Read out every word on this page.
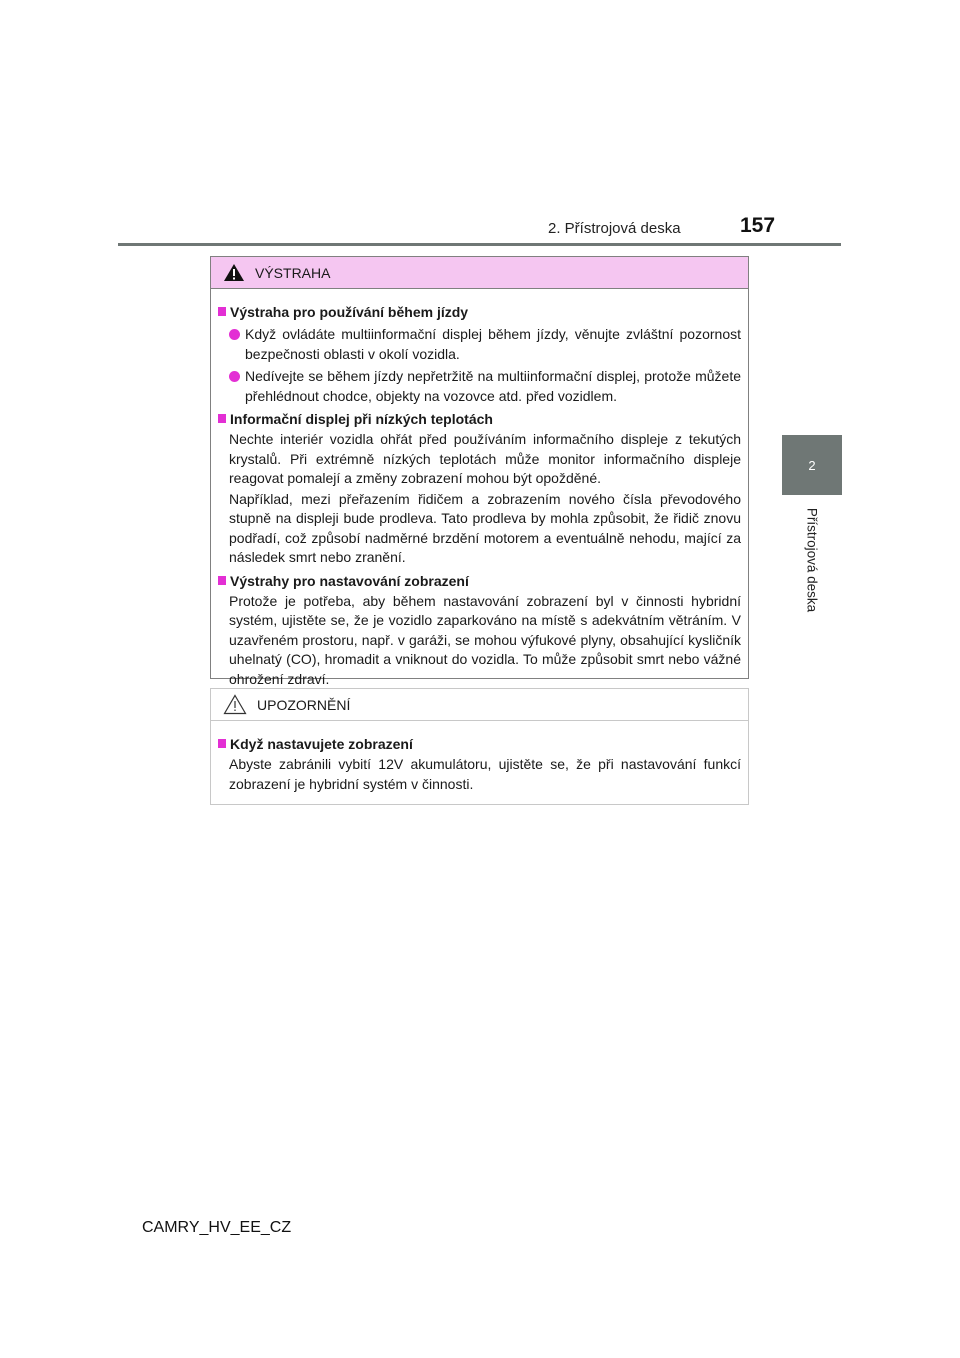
2. Přístrojová deska	157
2
Přístrojová deska
VÝSTRAHA
Výstraha pro používání během jízdy
Když ovládáte multiinformační displej během jízdy, věnujte zvláštní pozornost bezpečnosti oblasti v okolí vozidla.
Nedívejte se během jízdy nepřetržitě na multiinformační displej, protože můžete přehlédnout chodce, objekty na vozovce atd. před vozidlem.
Informační displej při nízkých teplotách
Nechte interiér vozidla ohřát před používáním informačního displeje z tekutých krystalů. Při extrémně nízkých teplotách může monitor informačního displeje reagovat pomalejí a změny zobrazení mohou být opožděné.
Například, mezi přeřazením řidičem a zobrazením nového čísla převodového stupně na displeji bude prodleva. Tato prodleva by mohla způsobit, že řidič znovu podřadí, což způsobí nadměrné brzdění motorem a eventuálně nehodu, mající za následek smrt nebo zranění.
Výstrahy pro nastavování zobrazení
Protože je potřeba, aby během nastavování zobrazení byl v činnosti hybridní systém, ujistěte se, že je vozidlo zaparkováno na místě s adekvátním větráním. V uzavřeném prostoru, např. v garáži, se mohou výfukové plyny, obsahující kysličník uhelnatý (CO), hromadit a vniknout do vozidla. To může způsobit smrt nebo vážné ohrožení zdraví.
UPOZORNĚNÍ
Když nastavujete zobrazení
Abyste zabránili vybití 12V akumulátoru, ujistěte se, že při nastavování funkcí zobrazení je hybridní systém v činnosti.
CAMRY_HV_EE_CZ
